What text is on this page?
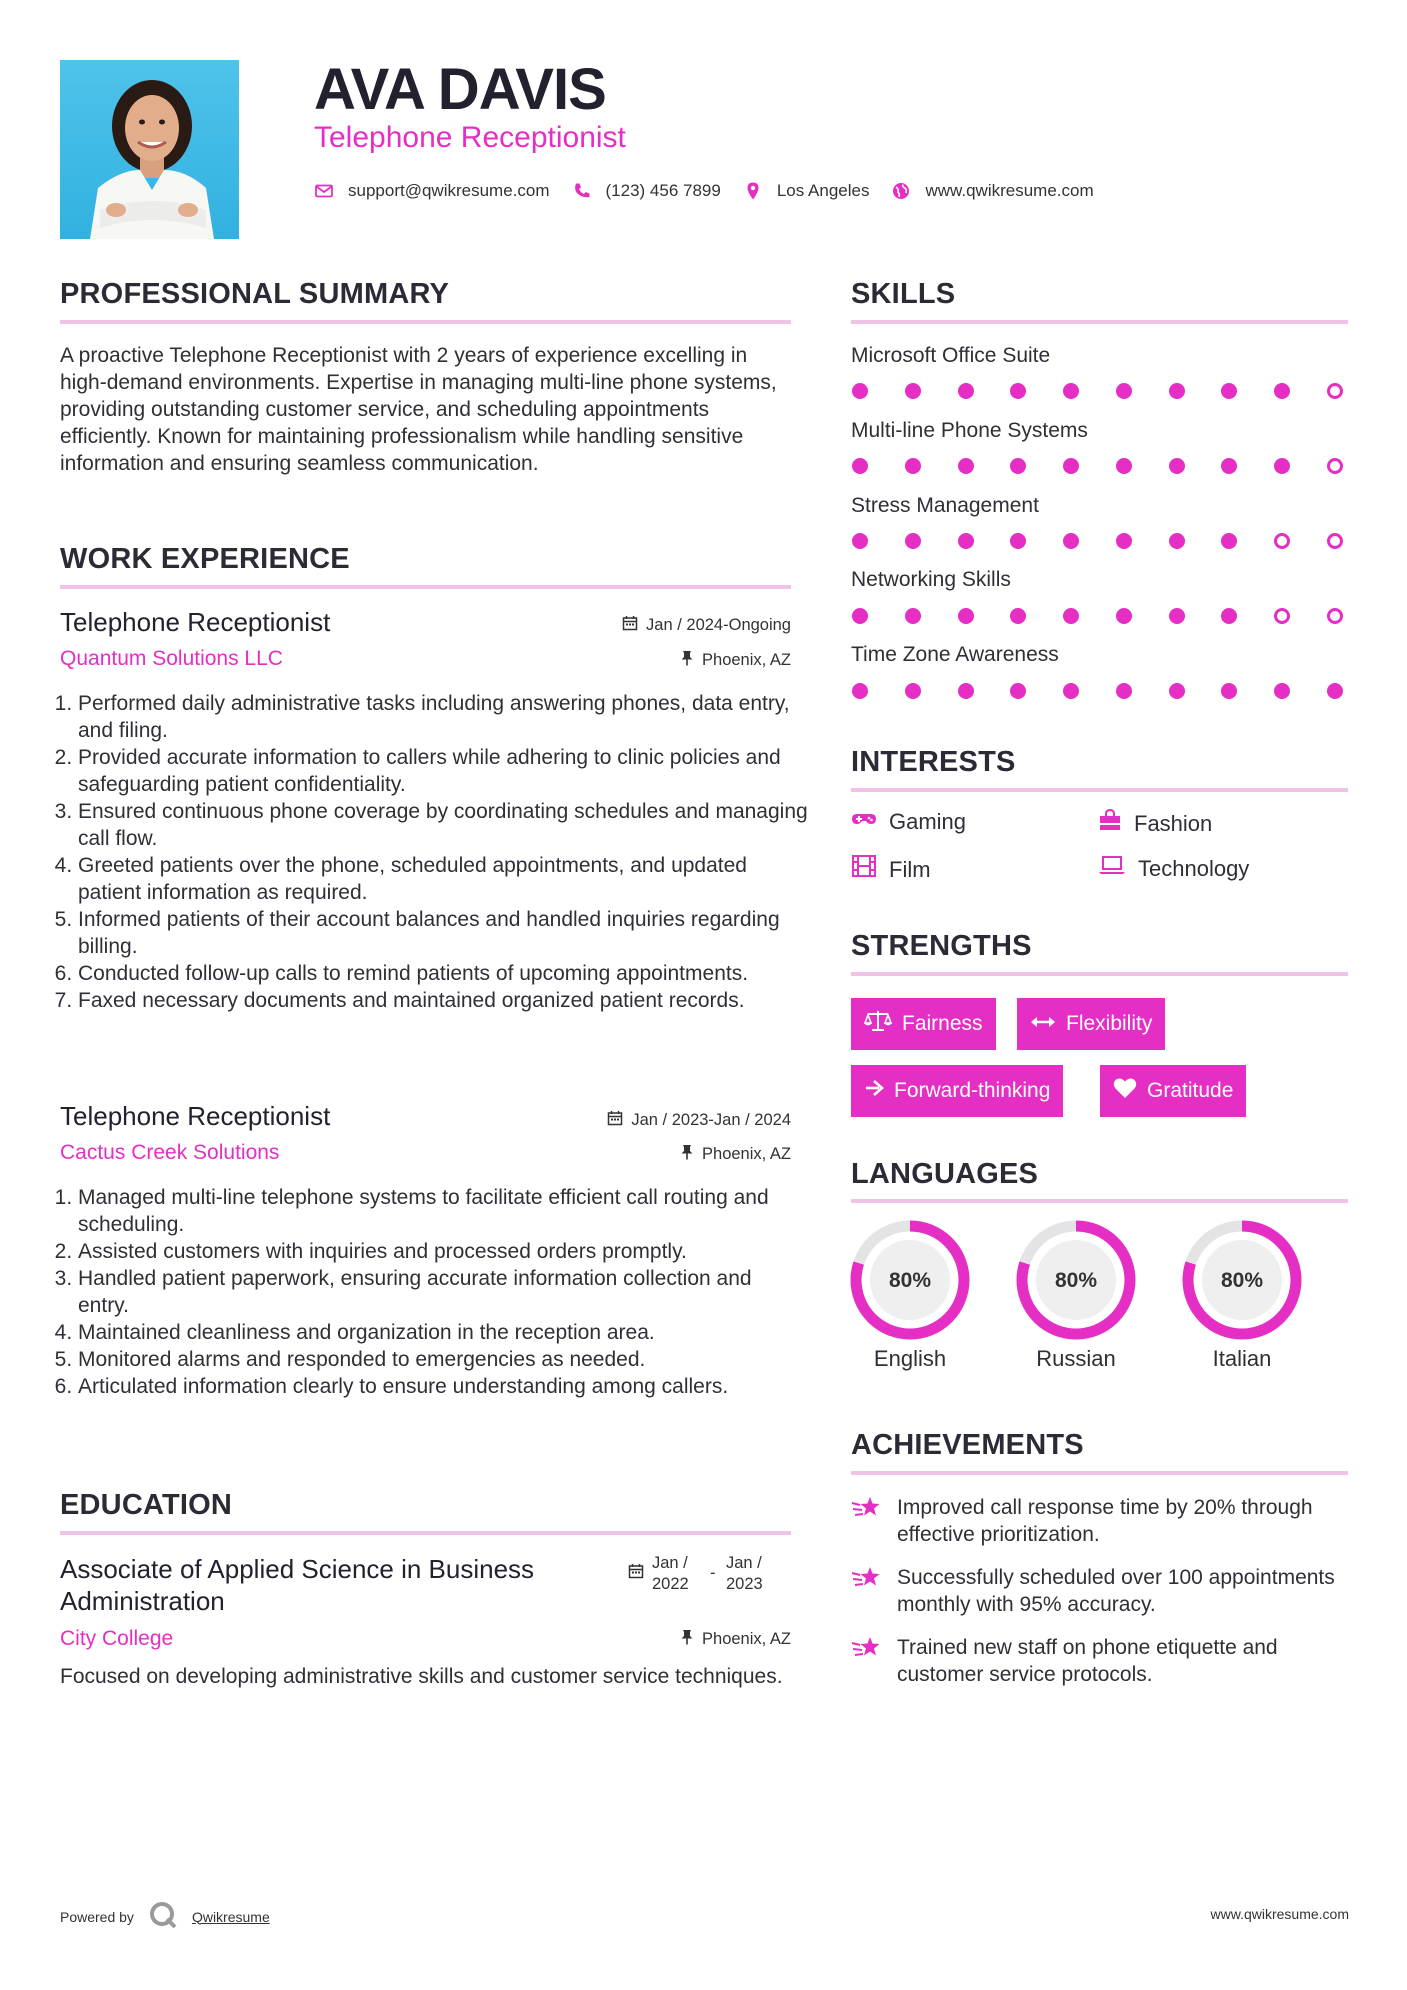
AVA DAVIS
Telephone Receptionist
support@qwikresume.com	(123) 456 7899	Los Angeles	www.qwikresume.com
PROFESSIONAL SUMMARY
A proactive Telephone Receptionist with 2 years of experience excelling in high-demand environments. Expertise in managing multi-line phone systems, providing outstanding customer service, and scheduling appointments efficiently. Known for maintaining professionalism while handling sensitive information and ensuring seamless communication.
WORK EXPERIENCE
Telephone Receptionist	Jan / 2024-Ongoing
Quantum Solutions LLC	Phoenix, AZ
1. Performed daily administrative tasks including answering phones, data entry, and filing.
2. Provided accurate information to callers while adhering to clinic policies and safeguarding patient confidentiality.
3. Ensured continuous phone coverage by coordinating schedules and managing call flow.
4. Greeted patients over the phone, scheduled appointments, and updated patient information as required.
5. Informed patients of their account balances and handled inquiries regarding billing.
6. Conducted follow-up calls to remind patients of upcoming appointments.
7. Faxed necessary documents and maintained organized patient records.
Telephone Receptionist	Jan / 2023-Jan / 2024
Cactus Creek Solutions	Phoenix, AZ
1. Managed multi-line telephone systems to facilitate efficient call routing and scheduling.
2. Assisted customers with inquiries and processed orders promptly.
3. Handled patient paperwork, ensuring accurate information collection and entry.
4. Maintained cleanliness and organization in the reception area.
5. Monitored alarms and responded to emergencies as needed.
6. Articulated information clearly to ensure understanding among callers.
EDUCATION
Associate of Applied Science in Business Administration
Jan / 2022
-
Jan / 2023
City College	Phoenix, AZ
Focused on developing administrative skills and customer service techniques.
SKILLS
Microsoft Office Suite
Multi-line Phone Systems
Stress Management
Networking Skills
Time Zone Awareness
INTERESTS
Gaming	Fashion
Film	Technology
STRENGTHS
Fairness	Flexibility
Forward-thinking	Gratitude
LANGUAGES
80%
English
80%
Russian
80%
Italian
ACHIEVEMENTS
Improved call response time by 20% through effective prioritization.
Successfully scheduled over 100 appointments monthly with 95% accuracy.
Trained new staff on phone etiquette and customer service protocols.
Powered by	Qwikresume	www.qwikresume.com
